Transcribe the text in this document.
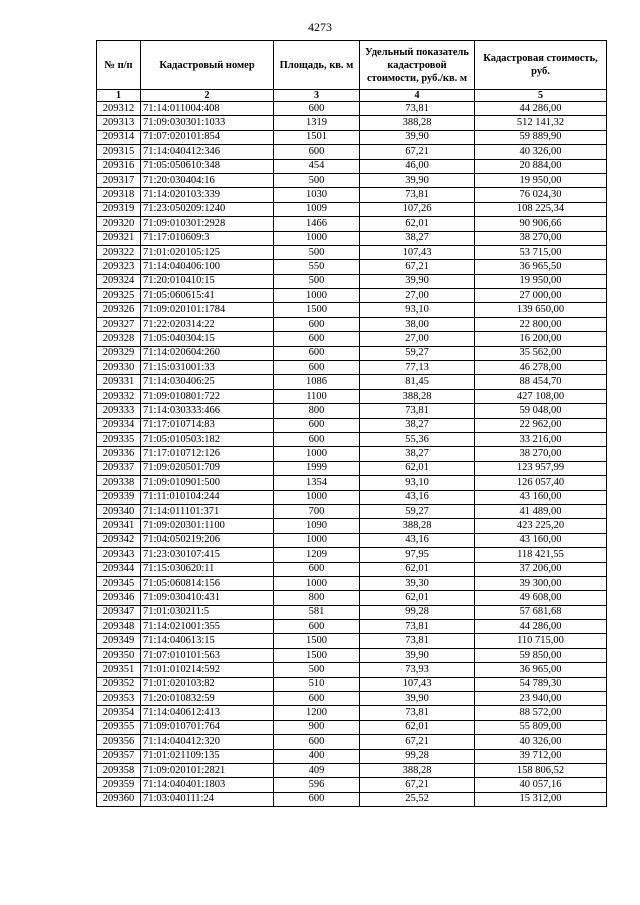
4273
№ п/п	Кадастровый номер	Площадь, кв. м	Удельный показатель кадастровой стоимости, руб./кв. м	Кадастровая стоимость, руб.
1	2	3	4	5
209312	71:14:011004:408	600	73,81	44 286,00
209313	71:09:030301:1033	1319	388,28	512 141,32
209314	71:07:020101:854	1501	39,90	59 889,90
209315	71:14:040412:346	600	67,21	40 326,00
209316	71:05:050610:348	454	46,00	20 884,00
209317	71:20:030404:16	500	39,90	19 950,00
209318	71:14:020103:339	1030	73,81	76 024,30
209319	71:23:050209:1240	1009	107,26	108 225,34
209320	71:09:010301:2928	1466	62,01	90 906,66
209321	71:17:010609:3	1000	38,27	38 270,00
209322	71:01:020105:125	500	107,43	53 715,00
209323	71:14:040406:100	550	67,21	36 965,50
209324	71:20:010410:15	500	39,90	19 950,00
209325	71:05:060615:41	1000	27,00	27 000,00
209326	71:09:020101:1784	1500	93,10	139 650,00
209327	71:22:020314:22	600	38,00	22 800,00
209328	71:05:040304:15	600	27,00	16 200,00
209329	71:14:020604:260	600	59,27	35 562,00
209330	71:15:031001:33	600	77,13	46 278,00
209331	71:14:030406:25	1086	81,45	88 454,70
209332	71:09:010801:722	1100	388,28	427 108,00
209333	71:14:030333:466	800	73,81	59 048,00
209334	71:17:010714:83	600	38,27	22 962,00
209335	71:05:010503:182	600	55,36	33 216,00
209336	71:17:010712:126	1000	38,27	38 270,00
209337	71:09:020501:709	1999	62,01	123 957,99
209338	71:09:010901:500	1354	93,10	126 057,40
209339	71:11:010104:244	1000	43,16	43 160,00
209340	71:14:011101:371	700	59,27	41 489,00
209341	71:09:020301:1100	1090	388,28	423 225,20
209342	71:04:050219:206	1000	43,16	43 160,00
209343	71:23:030107:415	1209	97,95	118 421,55
209344	71:15:030620:11	600	62,01	37 206,00
209345	71:05:060814:156	1000	39,30	39 300,00
209346	71:09:030410:431	800	62,01	49 608,00
209347	71:01:030211:5	581	99,28	57 681,68
209348	71:14:021001:355	600	73,81	44 286,00
209349	71:14:040613:15	1500	73,81	110 715,00
209350	71:07:010101:563	1500	39,90	59 850,00
209351	71:01:010214:592	500	73,93	36 965,00
209352	71:01:020103:82	510	107,43	54 789,30
209353	71:20:010832:59	600	39,90	23 940,00
209354	71:14:040612:413	1200	73,81	88 572,00
209355	71:09:010701:764	900	62,01	55 809,00
209356	71:14:040412:320	600	67,21	40 326,00
209357	71:01:021109:135	400	99,28	39 712,00
209358	71:09:020101:2821	409	388,28	158 806,52
209359	71:14:040401:1803	596	67,21	40 057,16
209360	71:03:040111:24	600	25,52	15 312,00
